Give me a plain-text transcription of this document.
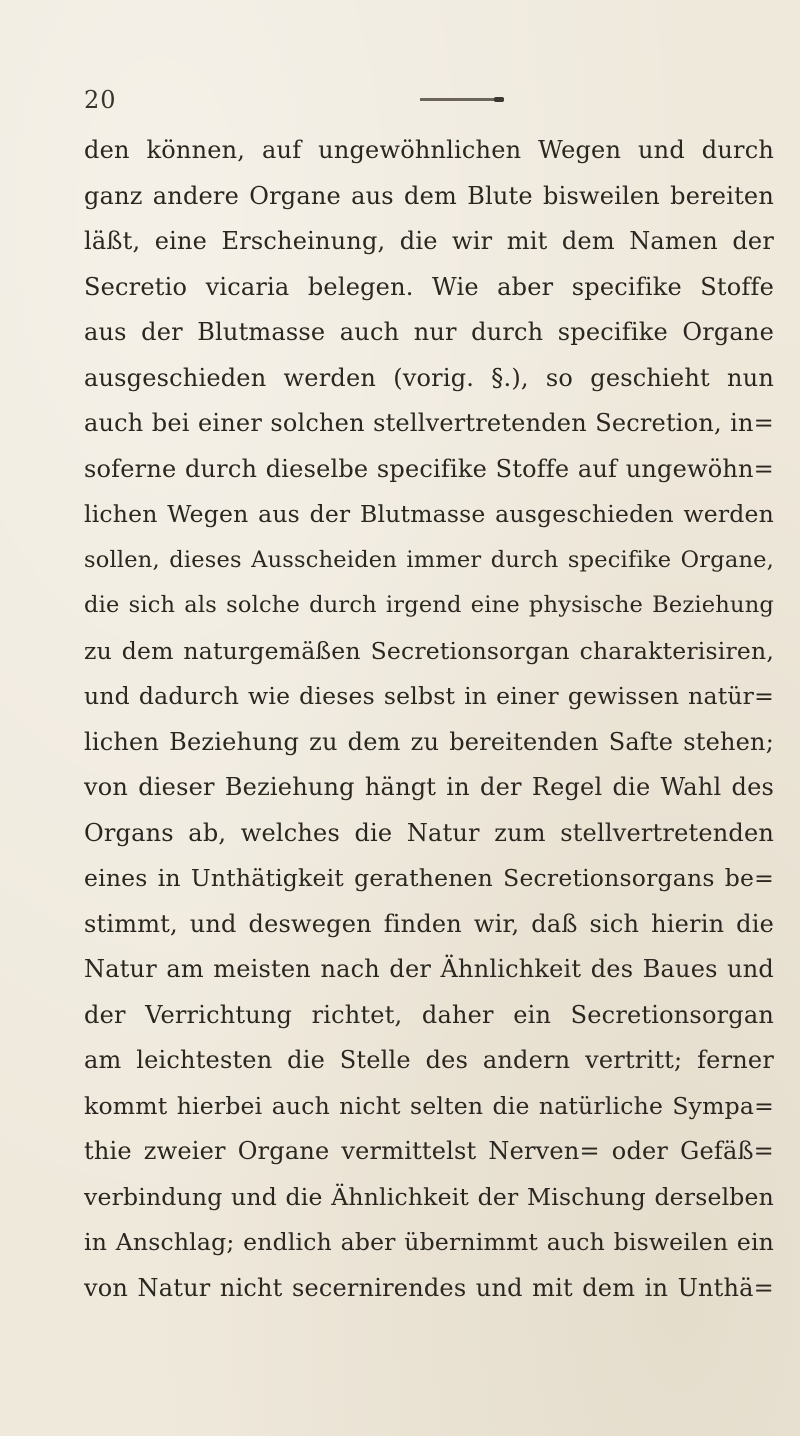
20
den können, auf ungewöhnlichen Wegen und durch
ganz andere Organe aus dem Blute bisweilen bereiten
läßt, eine Erscheinung, die wir mit dem Namen der
Secretio vicaria belegen. Wie aber specifike Stoffe
aus der Blutmasse auch nur durch specifike Organe
ausgeschieden werden (vorig. §.), so geschieht nun
auch bei einer solchen stellvertretenden Secretion, in=
soferne durch dieselbe specifike Stoffe auf ungewöhn=
lichen Wegen aus der Blutmasse ausgeschieden werden
sollen, dieses Ausscheiden immer durch specifike Organe,
die sich als solche durch irgend eine physische Beziehung
zu dem naturgemäßen Secretionsorgan charakterisiren,
und dadurch wie dieses selbst in einer gewissen natür=
lichen Beziehung zu dem zu bereitenden Safte stehen;
von dieser Beziehung hängt in der Regel die Wahl des
Organs ab, welches die Natur zum stellvertretenden
eines in Unthätigkeit gerathenen Secretionsorgans be=
stimmt, und deswegen finden wir, daß sich hierin die
Natur am meisten nach der Ähnlichkeit des Baues und
der Verrichtung richtet, daher ein Secretionsorgan
am leichtesten die Stelle des andern vertritt; ferner
kommt hierbei auch nicht selten die natürliche Sympa=
thie zweier Organe vermittelst Nerven= oder Gefäß=
verbindung und die Ähnlichkeit der Mischung derselben
in Anschlag; endlich aber übernimmt auch bisweilen ein
von Natur nicht secernirendes und mit dem in Unthä=
